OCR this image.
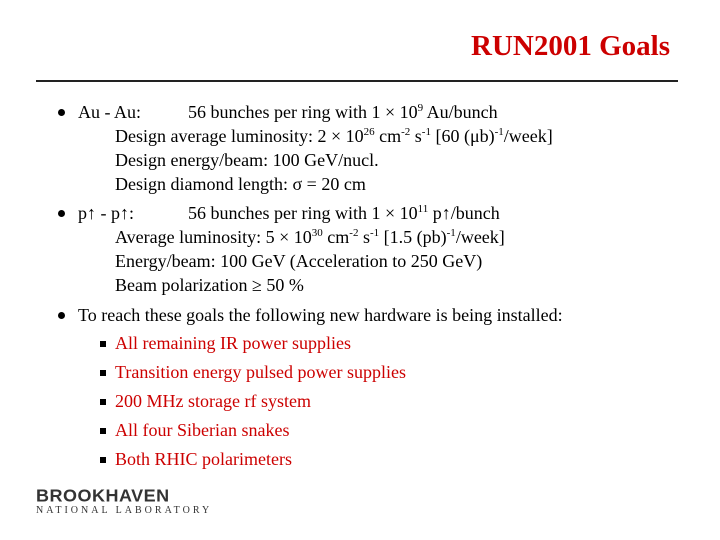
RUN2001 Goals
Au - Au:	56 bunches per ring with $1 \times 10^9$ Au/bunch
Design average luminosity: $2 \times 10^{26}$ $cm^{-2}$ $s^{-1}$ [60 $(\mu b)^{-1}/week$]
Design energy/beam: 100 GeV/nucl.
Design diamond length: σ = 20 cm
p↑ - p↑:	56 bunches per ring with $1 \times 10^{11}$ p↑/bunch
Average luminosity: $5 \times 10^{30}$ $cm^{-2}$ $s^{-1}$ [1.5 (pb)$^{-1}$/week]
Energy/beam: 100 GeV (Acceleration to 250 GeV)
Beam polarization ≥ 50 %
To reach these goals the following new hardware is being installed:
All remaining IR power supplies
Transition energy pulsed power supplies
200 MHz storage rf system
All four Siberian snakes
Both RHIC polarimeters
BROOKHAVEN
NATIONAL LABORATORY
